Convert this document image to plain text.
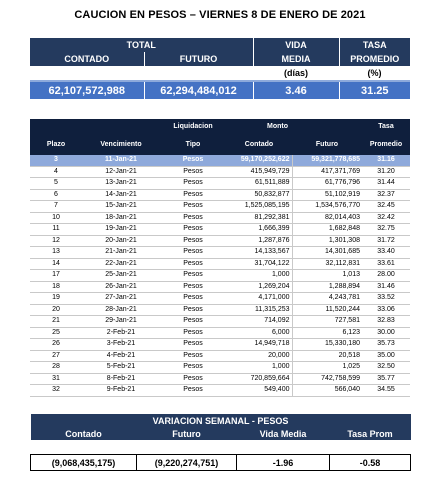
CAUCION EN PESOS – VIERNES 8 DE ENERO DE 2021
TOTAL		VIDA	TASA
CONTADO	FUTURO	MEDIA	PROMEDIO
		(días)	(%)
62,107,572,988	62,294,484,012	3.46	31.25
		Liquidacion	Monto		Tasa
Plazo	Vencimiento	Tipo	Contado	Futuro	Promedio
3	11-Jan-21	Pesos	59,170,252,622	59,321,778,685	31.16
4	12-Jan-21	Pesos	415,949,729	417,371,769	31.20
5	13-Jan-21	Pesos	61,511,889	61,776,796	31.44
6	14-Jan-21	Pesos	50,832,877	51,102,919	32.37
7	15-Jan-21	Pesos	1,525,085,195	1,534,576,770	32.45
10	18-Jan-21	Pesos	81,292,381	82,014,403	32.42
11	19-Jan-21	Pesos	1,666,399	1,682,848	32.75
12	20-Jan-21	Pesos	1,287,876	1,301,308	31.72
13	21-Jan-21	Pesos	14,133,567	14,301,685	33.40
14	22-Jan-21	Pesos	31,704,122	32,112,831	33.61
17	25-Jan-21	Pesos	1,000	1,013	28.00
18	26-Jan-21	Pesos	1,269,204	1,288,894	31.46
19	27-Jan-21	Pesos	4,171,000	4,243,781	33.52
20	28-Jan-21	Pesos	11,315,253	11,520,244	33.06
21	29-Jan-21	Pesos	714,092	727,581	32.83
25	2-Feb-21	Pesos	6,000	6,123	30.00
26	3-Feb-21	Pesos	14,949,718	15,330,180	35.73
27	4-Feb-21	Pesos	20,000	20,518	35.00
28	5-Feb-21	Pesos	1,000	1,025	32.50
31	8-Feb-21	Pesos	720,859,664	742,758,599	35.77
32	9-Feb-21	Pesos	549,400	566,040	34.55
VARIACION SEMANAL - PESOS			
Contado	Futuro	Vida Media	Tasa Prom

(9,068,435,175)	(9,220,274,751)	-1.96	-0.58
